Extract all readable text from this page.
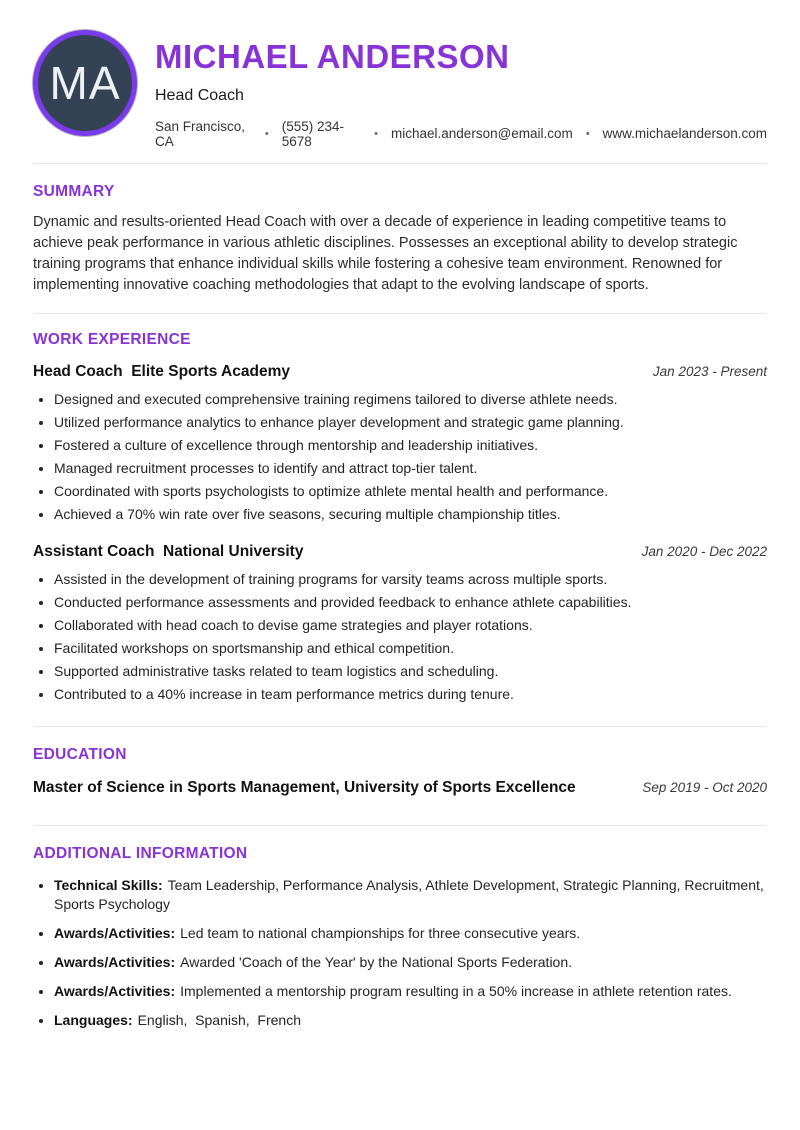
MA
MICHAEL ANDERSON
Head Coach
San Francisco, CA	• (555) 234-5678	• michael.anderson@email.com • www.michaelanderson.com
SUMMARY

Dynamic and results-oriented Head Coach with over a decade of experience in leading competitive teams to achieve peak performance in various athletic disciplines. Possesses an exceptional ability to develop strategic training programs that enhance individual skills while fostering a cohesive team environment. Renowned for implementing innovative coaching methodologies that adapt to the evolving landscape of sports.

WORK EXPERIENCE
Head Coach  Elite Sports Academy	Jan 2023 - Present
• Designed and executed comprehensive training regimens tailored to diverse athlete needs.
• Utilized performance analytics to enhance player development and strategic game planning.
• Fostered a culture of excellence through mentorship and leadership initiatives.
• Managed recruitment processes to identify and attract top-tier talent.
• Coordinated with sports psychologists to optimize athlete mental health and performance.
• Achieved a 70% win rate over five seasons, securing multiple championship titles.
Assistant Coach  National University	Jan 2020 - Dec 2022
• Assisted in the development of training programs for varsity teams across multiple sports.
• Conducted performance assessments and provided feedback to enhance athlete capabilities.
• Collaborated with head coach to devise game strategies and player rotations.
• Facilitated workshops on sportsmanship and ethical competition.
• Supported administrative tasks related to team logistics and scheduling.
• Contributed to a 40% increase in team performance metrics during tenure.
EDUCATION
Master of Science in Sports Management, University of Sports Excellence	Sep 2019 - Oct 2020
ADDITIONAL INFORMATION
• Technical Skills: Team Leadership, Performance Analysis, Athlete Development, Strategic Planning, Recruitment, Sports Psychology
• Awards/Activities: Led team to national championships for three consecutive years.
• Awards/Activities: Awarded 'Coach of the Year' by the National Sports Federation.
• Awards/Activities: Implemented a mentorship program resulting in a 50% increase in athlete retention rates.
• Languages: English,  Spanish,  French
